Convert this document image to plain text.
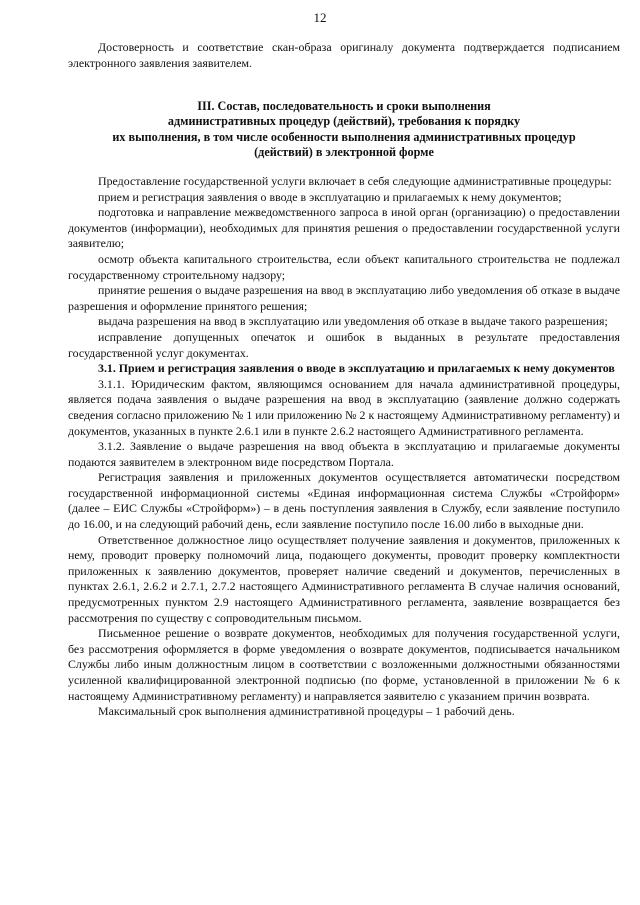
12

Достоверность и соответствие скан-образа оригиналу документа подтверждается подписанием электронного заявления заявителем.

III. Состав, последовательность и сроки выполнения
административных процедур (действий), требования к порядку
их выполнения, в том числе особенности выполнения административных процедур
(действий) в электронной форме

Предоставление государственной услуги включает в себя следующие административные процедуры:

прием и регистрация заявления о вводе в эксплуатацию и прилагаемых к нему документов;

подготовка и направление межведомственного запроса в иной орган (организацию) о предоставлении документов (информации), необходимых для принятия решения о предоставлении государственной услуги заявителю;

осмотр объекта капитального строительства, если объект капитального строительства не подлежал государственному строительному надзору;

принятие решения о выдаче разрешения на ввод в эксплуатацию либо уведомления об отказе в выдаче разрешения и оформление принятого решения;

выдача разрешения на ввод в эксплуатацию или уведомления об отказе в выдаче такого разрешения;

исправление допущенных опечаток и ошибок в выданных в результате предоставления государственной услуг документах.

3.1. Прием и регистрация заявления о вводе в эксплуатацию и прилагаемых к нему документов

3.1.1. Юридическим фактом, являющимся основанием для начала административной процедуры, является подача заявления о выдаче разрешения на ввод в эксплуатацию (заявление должно содержать сведения согласно приложению № 1 или приложению № 2 к настоящему Административному регламенту) и документов, указанных в пункте 2.6.1 или в пункте 2.6.2 настоящего Административного регламента.

3.1.2. Заявление о выдаче разрешения на ввод объекта в эксплуатацию и прилагаемые документы подаются заявителем в электронном виде посредством Портала.

Регистрация заявления и приложенных документов осуществляется автоматически посредством государственной информационной системы «Единая информационная система Службы «Стройформ» (далее – ЕИС Службы «Стройформ») – в день поступления заявления в Службу, если заявление поступило до 16.00, и на следующий рабочий день, если заявление поступило после 16.00 либо в выходные дни.

Ответственное должностное лицо осуществляет получение заявления и документов, приложенных к нему, проводит проверку полномочий лица, подающего документы, проводит проверку комплектности приложенных к заявлению документов, проверяет наличие сведений и документов, перечисленных в пунктах 2.6.1, 2.6.2 и 2.7.1, 2.7.2 настоящего Административного регламента В случае наличия оснований, предусмотренных пунктом 2.9 настоящего Административного регламента, заявление возвращается без рассмотрения по существу с сопроводительным письмом.

Письменное решение о возврате документов, необходимых для получения государственной услуги, без рассмотрения оформляется в форме уведомления о возврате документов, подписывается начальником Службы либо иным должностным лицом в соответствии с возложенными должностными обязанностями усиленной квалифицированной электронной подписью (по форме, установленной в приложении № 6 к настоящему Административному регламенту) и направляется заявителю с указанием причин возврата.

Максимальный срок выполнения административной процедуры – 1 рабочий день.
